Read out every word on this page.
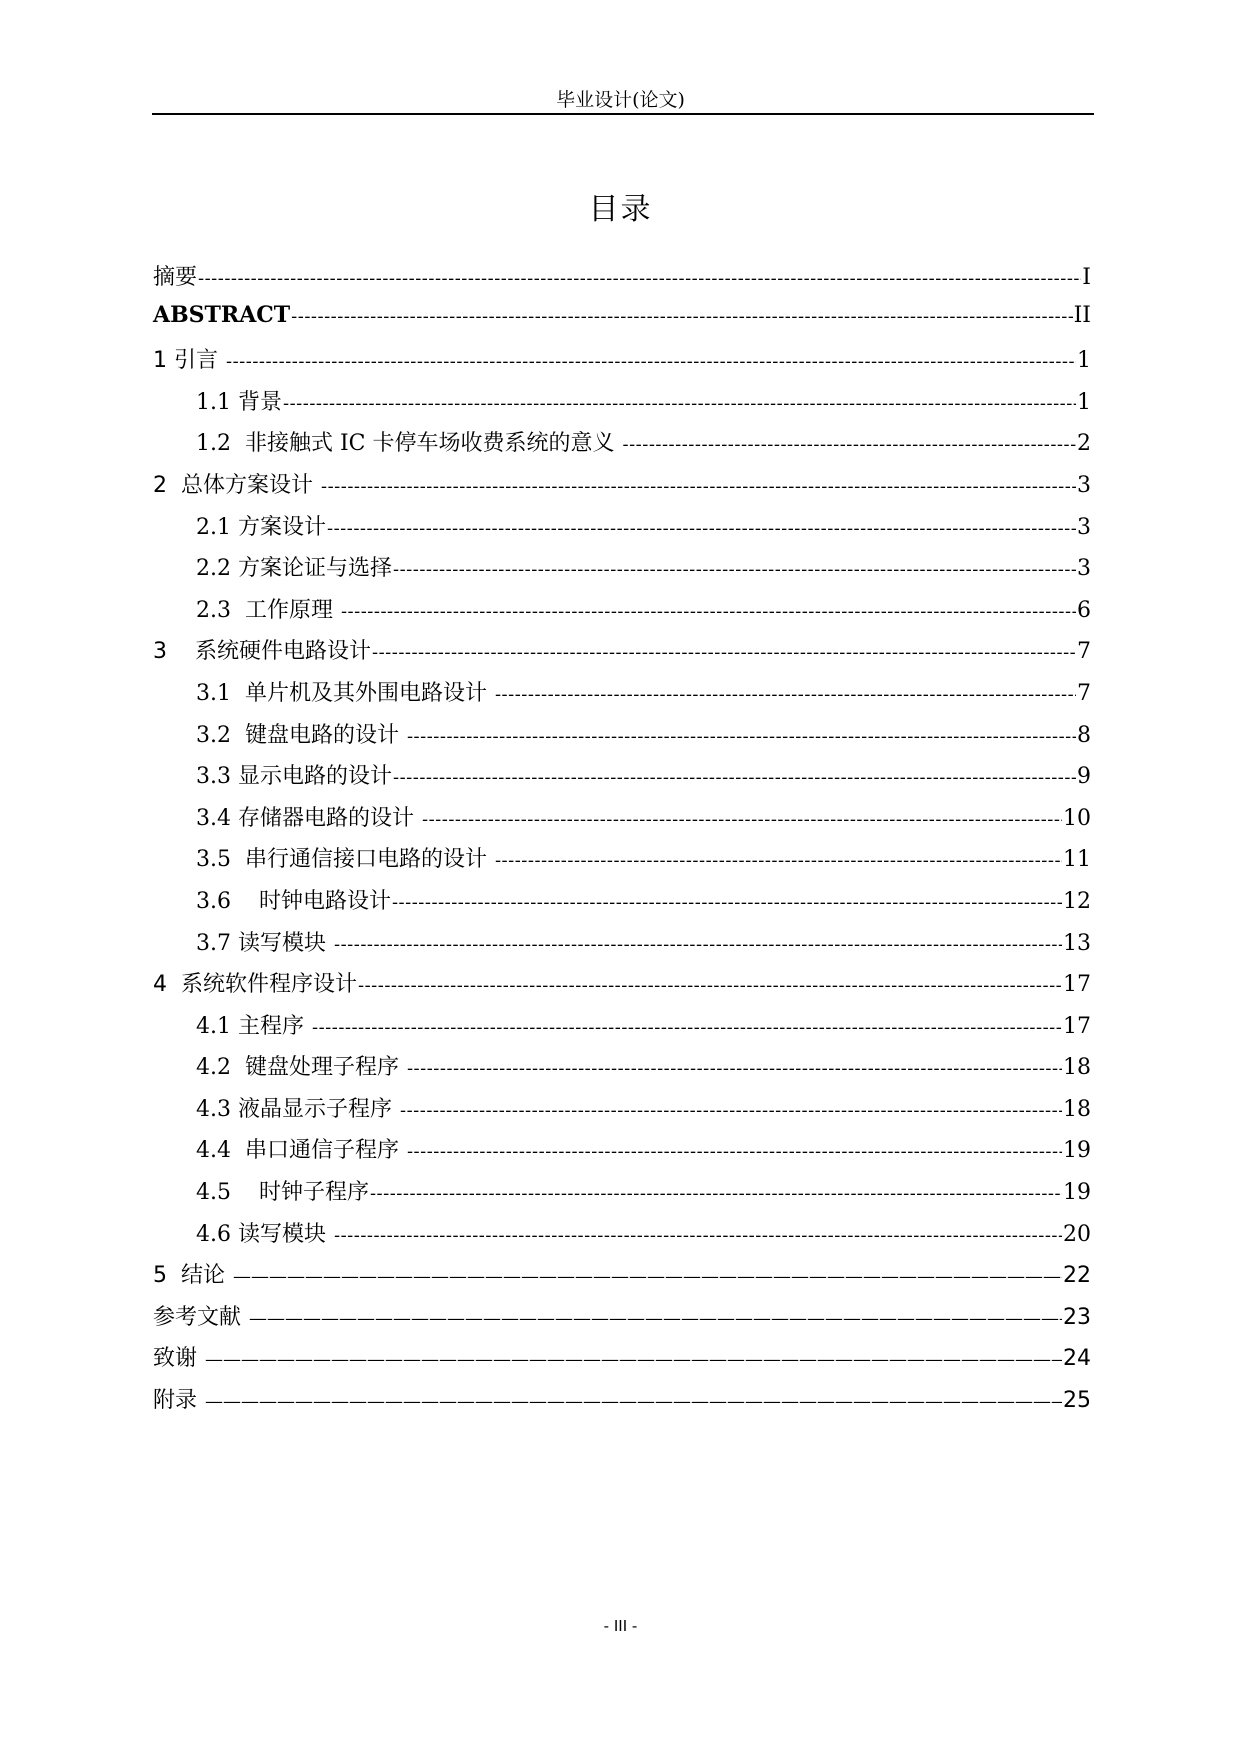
毕业设计(论文)
目录
摘要 -----	I
ABSTRACT -----	II
1 引言 -----	1
1.1 背景 -----	1
1.2  非接触式 IC 卡停车场收费系统的意义 -----	2
2  总体方案设计 -----	3
2.1 方案设计 -----	3
2.2 方案论证与选择 -----	3
2.3  工作原理 -----	6
3    系统硬件电路设计 -----	7
3.1  单片机及其外围电路设计 -----	7
3.2  键盘电路的设计 -----	8
3.3 显示电路的设计 -----	9
3.4 存储器电路的设计 -----	10
3.5  串行通信接口电路的设计 -----	11
3.6    时钟电路设计 -----	12
3.7 读写模块 -----	13
4  系统软件程序设计 -----	17
4.1 主程序 -----	17
4.2  键盘处理子程序 -----	18
4.3 液晶显示子程序 -----	18
4.4  串口通信子程序 -----	19
4.5    时钟子程序 -----	19
4.6 读写模块 -----	20
5  结论 —————	22
参考文献 —————	23
致谢 —————	24
附录 —————	25
- III -
